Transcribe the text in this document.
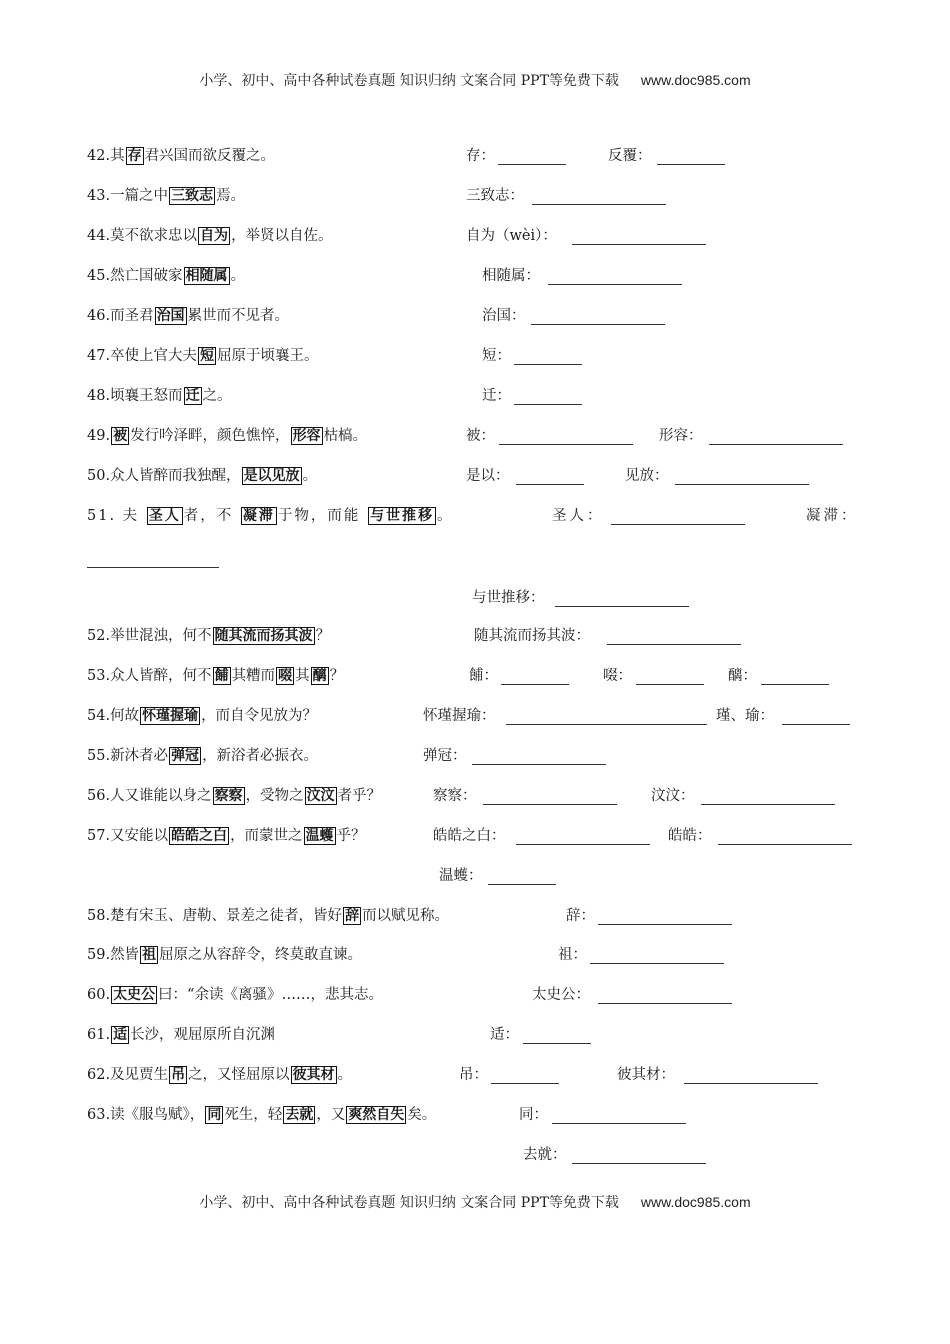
小学、初中、高中各种试卷真题 知识归纳 文案合同 PPT等免费下载 www.doc985.com
42.其 存 君兴国而欲反覆之。	存：	反覆：
43.一篇之中 三致志 焉。	三致志：
44.莫不欲求忠以 自为 ，举贤以自佐。	自为（wèi）：
45.然亡国破家 相随属 。	相随属：
46.而圣君 治国 累世而不见者。	治国：
47.卒使上官大夫 短 屈原于顷襄王。	短：
48.顷襄王怒而 迁 之。	迁：
49. 被 发行吟泽畔，颜色憔悴， 形容 枯槁。	被：	形容：
50.众人皆醉而我独醒， 是以见放 。	是以：	见放：
51. 夫 圣人 者，不 凝滞 于物，而能 与世推移 。	圣人：	凝滞：
与世推移：
52.举世混浊，何不 随其流而扬其波 ？	随其流而扬其波：
53.众人皆醉，何不 餔 其糟而 啜 其 醨 ？	餔：	啜：	醨：
54.何故 怀瑾握瑜 ，而自令见放为？	怀瑾握瑜：	瑾、瑜：
55.新沐者必 弹冠 ，新浴者必振衣。	弹冠：
56.人又谁能以身之 察察 ，受物之 汶汶 者乎？	察察：	汶汶：
57.又安能以 皓皓之白 ，而蒙世之 温蠖 乎？	皓皓之白：	皓皓：
温蠖：
58.楚有宋玉、唐勒、景差之徒者，皆好 辞 而以赋见称。	辞：
59.然皆 祖 屈原之从容辞令，终莫敢直谏。	祖：
60. 太史公 曰：“余读《离骚》……，悲其志。	太史公：
61. 适 长沙，观屈原所自沉渊	适：
62.及见贾生 吊 之，又怪屈原以 彼其材 。	吊：	彼其材：
63.读《服鸟赋》， 同 死生，轻 去就 ，又 爽然自失 矣。	同：
去就：
小学、初中、高中各种试卷真题 知识归纳 文案合同 PPT等免费下载 www.doc985.com
